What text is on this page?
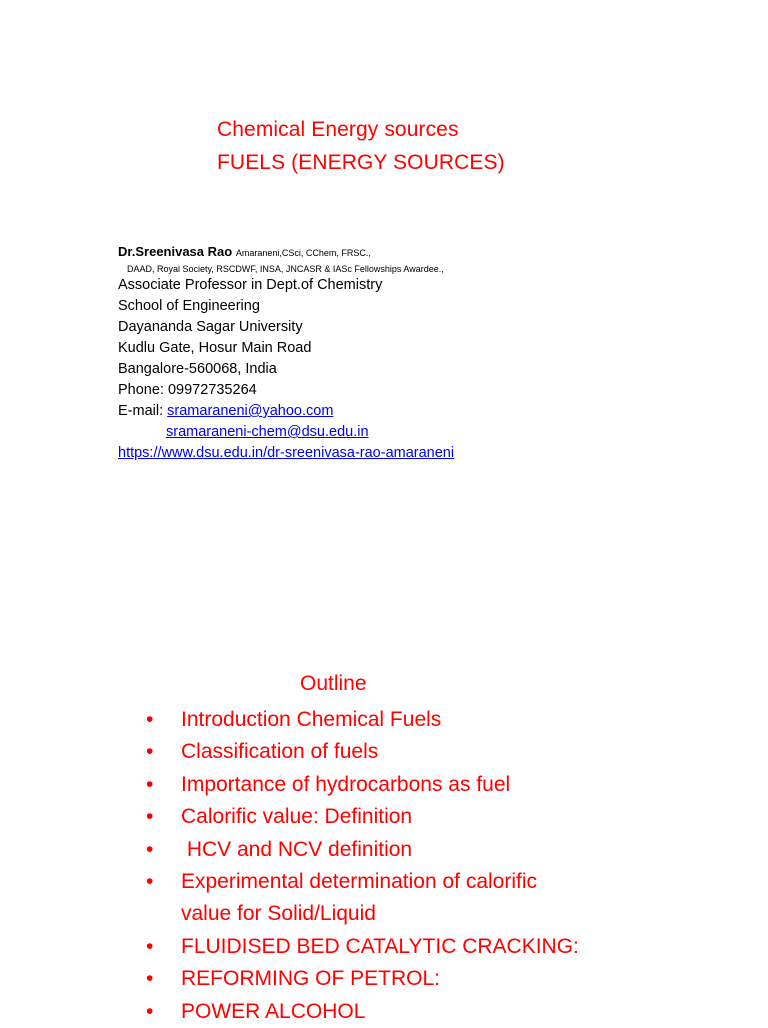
Chemical Energy sources
FUELS (ENERGY SOURCES)
Dr.Sreenivasa Rao Amaraneni,CSci, CChem, FRSC.,
DAAD, Royal Society, RSCDWF, INSA, JNCASR & IASc Fellowships Awardee.,
Associate Professor in Dept.of Chemistry
School of Engineering
Dayananda Sagar University
Kudlu Gate, Hosur Main Road
Bangalore-560068, India
Phone: 09972735264
E-mail: sramaraneni@yahoo.com
sramaraneni-chem@dsu.edu.in
https://www.dsu.edu.in/dr-sreenivasa-rao-amaraneni
Outline
• Introduction Chemical Fuels
• Classification of fuels
• Importance of hydrocarbons as fuel
• Calorific value: Definition
• HCV and NCV definition
• Experimental determination of calorific
value for Solid/Liquid
• FLUIDISED BED CATALYTIC CRACKING:
• REFORMING OF PETROL:
• POWER ALCOHOL
